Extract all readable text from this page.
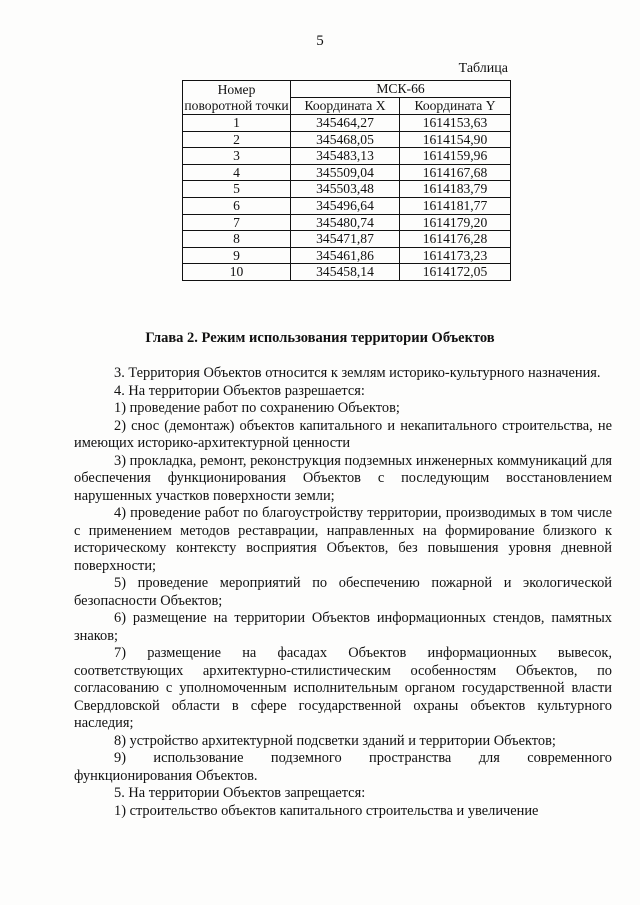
5
Таблица
Номер поворотной точки	МСК-66	
	Координата X	Координата Y
1	345464,27	1614153,63
2	345468,05	1614154,90
3	345483,13	1614159,96
4	345509,04	1614167,68
5	345503,48	1614183,79
6	345496,64	1614181,77
7	345480,74	1614179,20
8	345471,87	1614176,28
9	345461,86	1614173,23
10	345458,14	1614172,05
Глава 2. Режим использования территории Объектов

3. Территория Объектов относится к землям историко-культурного назначения.

4. На территории Объектов разрешается:

1) проведение работ по сохранению Объектов;

2) снос (демонтаж) объектов капитального и некапитального строительства, не имеющих историко-архитектурной ценности

3) прокладка, ремонт, реконструкция подземных инженерных коммуникаций для обеспечения функционирования Объектов с последующим восстановлением нарушенных участков поверхности земли;

4) проведение работ по благоустройству территории, производимых в том числе с применением методов реставрации, направленных на формирование близкого к историческому контексту восприятия Объектов, без повышения уровня дневной поверхности;

5) проведение мероприятий по обеспечению пожарной и экологической безопасности Объектов;

6) размещение на территории Объектов информационных стендов, памятных знаков;

7) размещение на фасадах Объектов информационных вывесок, соответствующих архитектурно-стилистическим особенностям Объектов, по согласованию с уполномоченным исполнительным органом государственной власти Свердловской области в сфере государственной охраны объектов культурного наследия;

8) устройство архитектурной подсветки зданий и территории Объектов;

9) использование подземного пространства для современного функционирования Объектов.

5. На территории Объектов запрещается:

1) строительство объектов капитального строительства и увеличение
